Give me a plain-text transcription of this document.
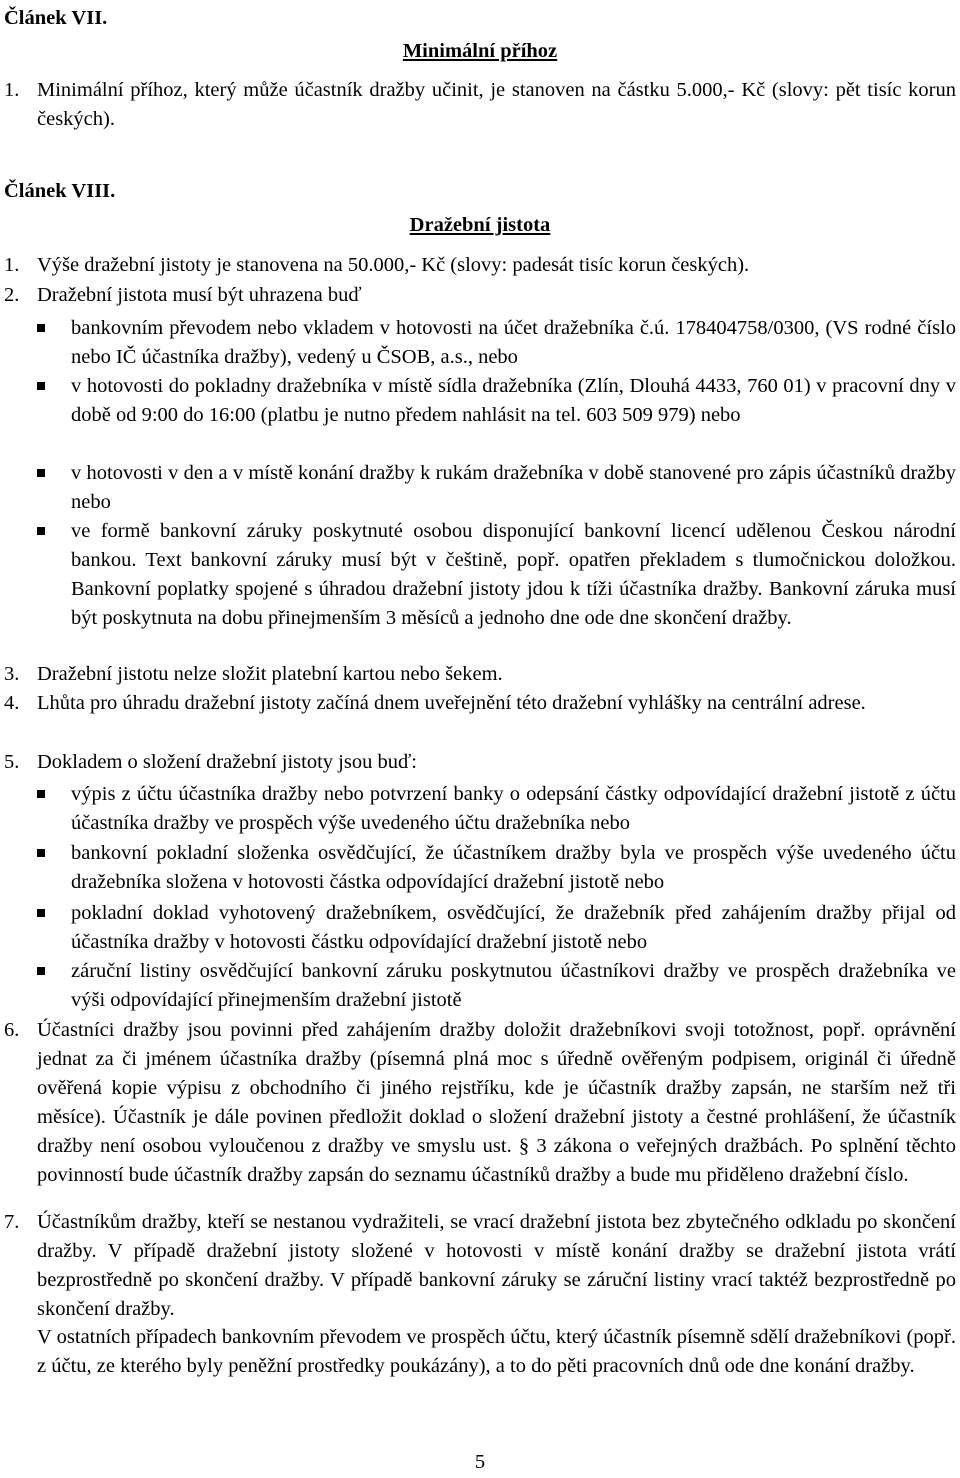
Článek VII.
Minimální příhoz
1. Minimální příhoz, který může účastník dražby učinit, je stanoven na částku 5.000,- Kč (slovy: pět tisíc korun českých).
Článek VIII.
Dražební jistota
1. Výše dražební jistoty je stanovena na 50.000,- Kč (slovy: padesát tisíc korun českých).
2. Dražební jistota musí být uhrazena buď
bankovním převodem nebo vkladem v hotovosti na účet dražebníka č.ú. 178404758/0300, (VS rodné číslo nebo IČ účastníka dražby), vedený u ČSOB, a.s., nebo
v hotovosti do pokladny dražebníka v místě sídla dražebníka (Zlín, Dlouhá 4433, 760 01) v pracovní dny v době od 9:00 do 16:00 (platbu je nutno předem nahlásit na tel. 603 509 979) nebo
v hotovosti v den a v místě konání dražby k rukám dražebníka v době stanovené pro zápis účastníků dražby nebo
ve formě bankovní záruky poskytnuté osobou disponující bankovní licencí udělenou Českou národní bankou. Text bankovní záruky musí být v češtině, popř. opatřen překladem s tlumočnickou doložkou. Bankovní poplatky spojené s úhradou dražební jistoty jdou k tíži účastníka dražby. Bankovní záruka musí být poskytnuta na dobu přinejmenším 3 měsíců a jednoho dne ode dne skončení dražby.
3. Dražební jistotu nelze složit platební kartou nebo šekem.
4. Lhůta pro úhradu dražební jistoty začíná dnem uveřejnění této dražební vyhlášky na centrální adrese.
5. Dokladem o složení dražební jistoty jsou buď:
výpis z účtu účastníka dražby nebo potvrzení banky o odepsání částky odpovídající dražební jistotě z účtu účastníka dražby ve prospěch výše uvedeného účtu dražebníka nebo
bankovní pokladní složenka osvědčující, že účastníkem dražby byla ve prospěch výše uvedeného účtu dražebníka složena v hotovosti částka odpovídající dražební jistotě nebo
pokladní doklad vyhotovený dražebníkem, osvědčující, že dražebník před zahájením dražby přijal od účastníka dražby v hotovosti částku odpovídající dražební jistotě nebo
záruční listiny osvědčující bankovní záruku poskytnutou účastníkovi dražby ve prospěch dražebníka ve výši odpovídající přinejmenším dražební jistotě
6. Účastníci dražby jsou povinni před zahájením dražby doložit dražebníkovi svoji totožnost, popř. oprávnění jednat za či jménem účastníka dražby (písemná plná moc s úředně ověřeným podpisem, originál či úředně ověřená kopie výpisu z obchodního či jiného rejstříku, kde je účastník dražby zapsán, ne starším než tři měsíce). Účastník je dále povinen předložit doklad o složení dražební jistoty a čestné prohlášení, že účastník dražby není osobou vyloučenou z dražby ve smyslu ust. § 3 zákona o veřejných dražbách. Po splnění těchto povinností bude účastník dražby zapsán do seznamu účastníků dražby a bude mu přiděleno dražební číslo.
7. Účastníkům dražby, kteří se nestanou vydražiteli, se vrací dražební jistota bez zbytečného odkladu po skončení dražby. V případě dražební jistoty složené v hotovosti v místě konání dražby se dražební jistota vrátí bezprostředně po skončení dražby. V případě bankovní záruky se záruční listiny vrací taktéž bezprostředně po skončení dražby.
V ostatních případech bankovním převodem ve prospěch účtu, který účastník písemně sdělí dražebníkovi (popř. z účtu, ze kterého byly peněžní prostředky poukázány), a to do pěti pracovních dnů ode dne konání dražby.
5
